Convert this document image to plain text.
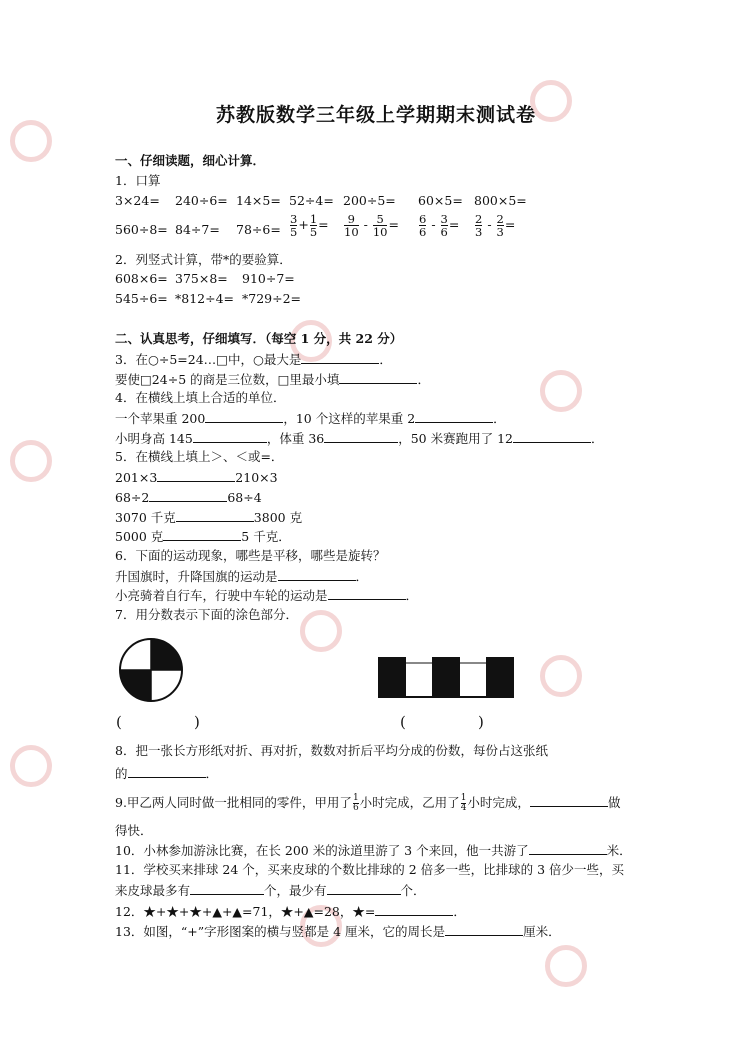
苏教版数学三年级上学期期末测试卷
一、仔细读题，细心计算．
1．口算
3×24= 240÷6= 14×5= 52÷4= 200÷5= 60×5= 800×5=
$560\div 8= 84\div 7= 78\div 6= \frac{3}{5} + \frac{1}{5} = \frac{9}{10} - \frac{5}{10} = \frac{6}{6} - \frac{3}{6} = \frac{2}{3} - \frac{2}{3}$ =
2．列竖式计算，带*的要验算．
608×6= 375×8= 910÷7=
545÷6= *812÷4= *729÷2=
二、认真思考，仔细填写．（每空 1 分，共 22 分）
3．在○÷5=24…□中，○最大是	．
要使□24÷5 的商是三位数，□里最小填	．
4．在横线上填上合适的单位．
一个苹果重 200	，10 个这样的苹果重 2	．
小明身高 145	，体重 36	，50 米赛跑用了 12	．
5．在横线上填上＞、＜或=．
201×3	210×3
68÷2	68÷4
3070 千克	3800 克
5000 克	5 千克．
6．下面的运动现象，哪些是平移，哪些是旋转？
升国旗时，升降国旗的运动是	．
小亮骑着自行车，行驶中车轮的运动是	．
7．用分数表示下面的涂色部分．
(	)	(	)
8．把一张长方形纸对折、再对折，数数对折后平均分成的份数，每份占这张纸
的	．
9.甲乙两人同时做一批相同的零件，甲用了 $\frac{1}{6}$ 小时完成，乙用了 $\frac{1}{4}$ 小时完成，	做
得快．
10．小林参加游泳比赛，在长 200 米的泳道里游了 3 个来回，他一共游了	米．
11．学校买来排球 24 个，买来皮球的个数比排球的 2 倍多一些，比排球的 3 倍少一些，买
来皮球最多有	个，最少有	个．
12．★+★+★+▲+▲=71，★+▲=28，★=	．
13．如图，“+”字形图案的横与竖都是 4 厘米，它的周长是	厘米．
